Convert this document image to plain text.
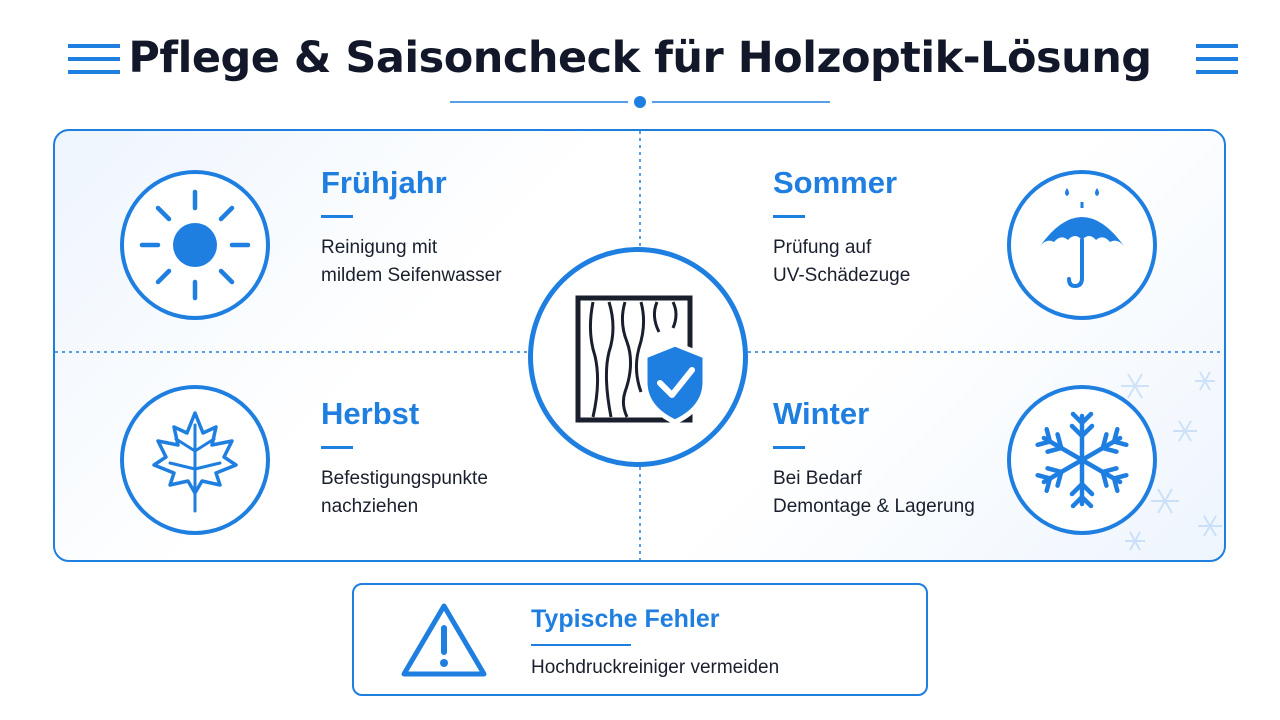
Pflege & Saisoncheck für Holzoptik-Lösung
Frühjahr
Reinigung mit
mildem Seifenwasser
Sommer
Prüfung auf
UV-Schädezuge
Herbst
Befestigungspunkte
nachziehen
Winter
Bei Bedarf
Demontage & Lagerung
Typische Fehler
Hochdruckreiniger vermeiden
